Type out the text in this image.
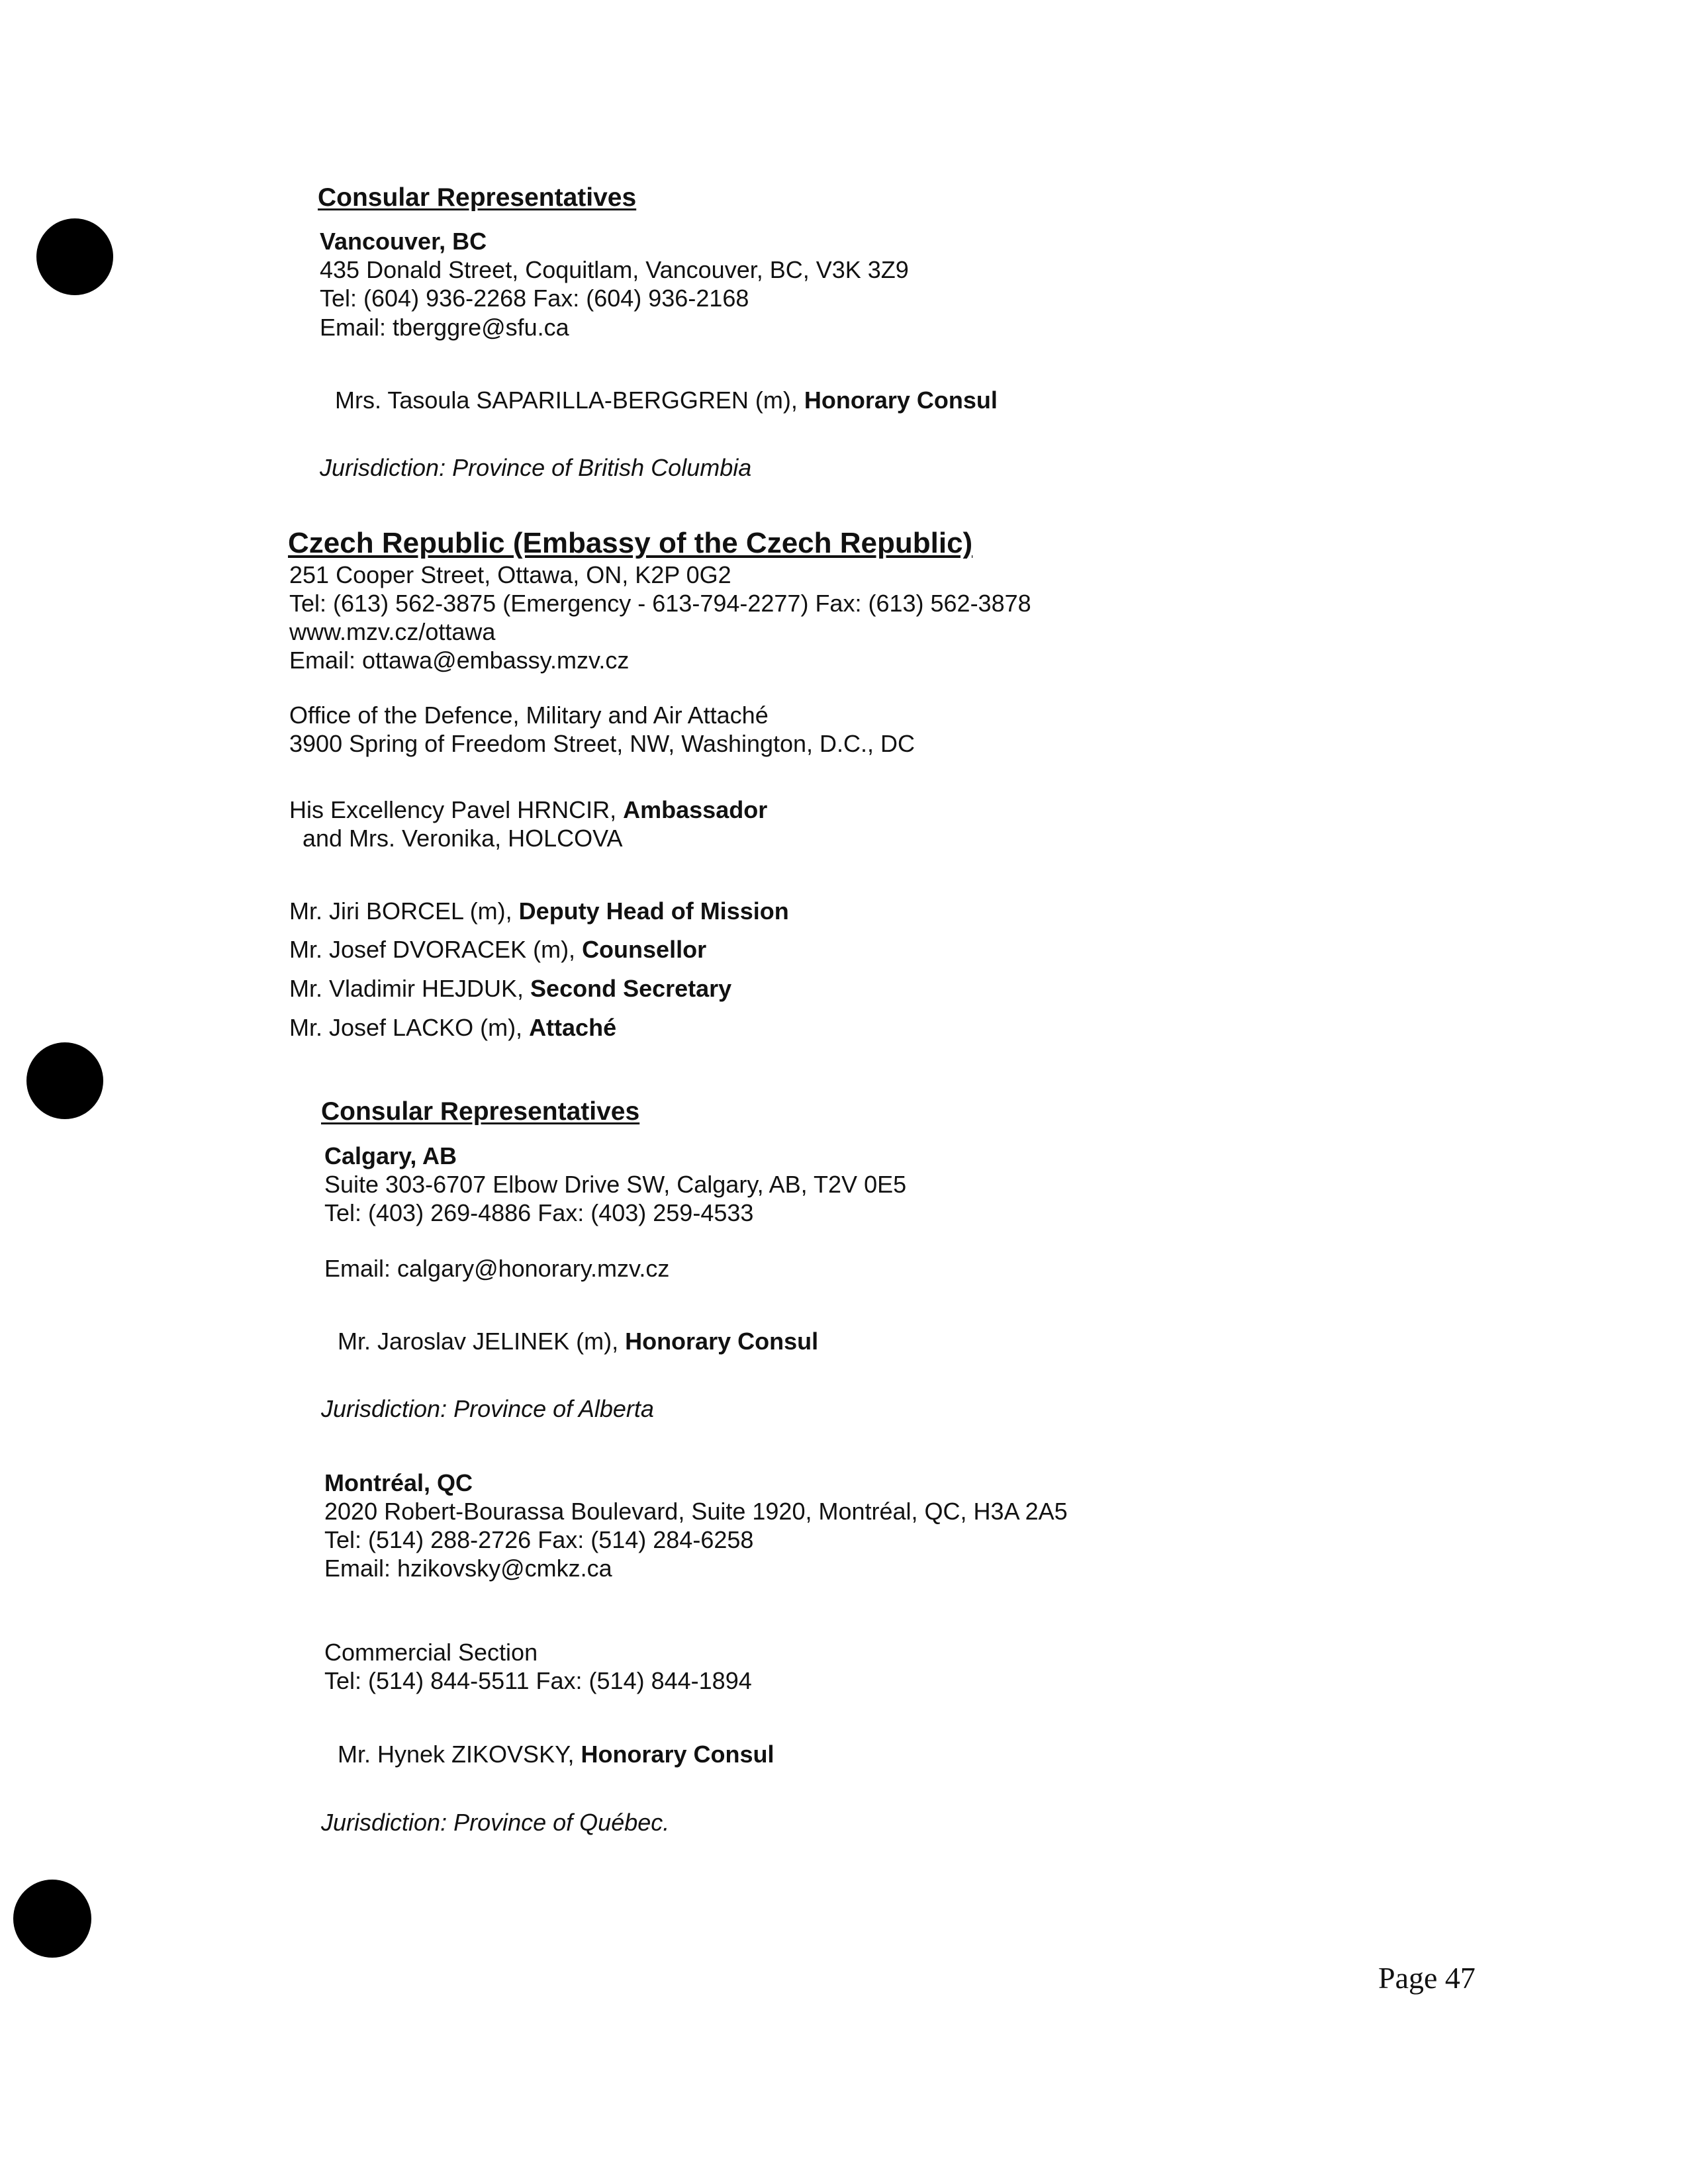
Consular Representatives
Vancouver, BC
435 Donald Street, Coquitlam, Vancouver, BC, V3K 3Z9
Tel: (604) 936-2268 Fax: (604) 936-2168
Email: tberggre@sfu.ca
Mrs. Tasoula SAPARILLA-BERGGREN (m), Honorary Consul
Jurisdiction: Province of British Columbia
Czech Republic (Embassy of the Czech Republic)
251 Cooper Street, Ottawa, ON, K2P 0G2
Tel: (613) 562-3875 (Emergency - 613-794-2277) Fax: (613) 562-3878
www.mzv.cz/ottawa
Email: ottawa@embassy.mzv.cz
Office of the Defence, Military and Air Attaché
3900 Spring of Freedom Street, NW, Washington, D.C., DC
His Excellency Pavel HRNCIR, Ambassador
and Mrs. Veronika, HOLCOVA
Mr. Jiri BORCEL (m), Deputy Head of Mission
Mr. Josef DVORACEK (m), Counsellor
Mr. Vladimir HEJDUK, Second Secretary
Mr. Josef LACKO (m), Attaché
Consular Representatives
Calgary, AB
Suite 303-6707 Elbow Drive SW, Calgary, AB, T2V 0E5
Tel: (403) 269-4886 Fax: (403) 259-4533
Email: calgary@honorary.mzv.cz
Mr. Jaroslav JELINEK (m), Honorary Consul
Jurisdiction: Province of Alberta
Montréal, QC
2020 Robert-Bourassa Boulevard, Suite 1920, Montréal, QC, H3A 2A5
Tel: (514) 288-2726 Fax: (514) 284-6258
Email: hzikovsky@cmkz.ca
Commercial Section
Tel: (514) 844-5511 Fax: (514) 844-1894
Mr. Hynek ZIKOVSKY, Honorary Consul
Jurisdiction: Province of Québec.
Page 47
